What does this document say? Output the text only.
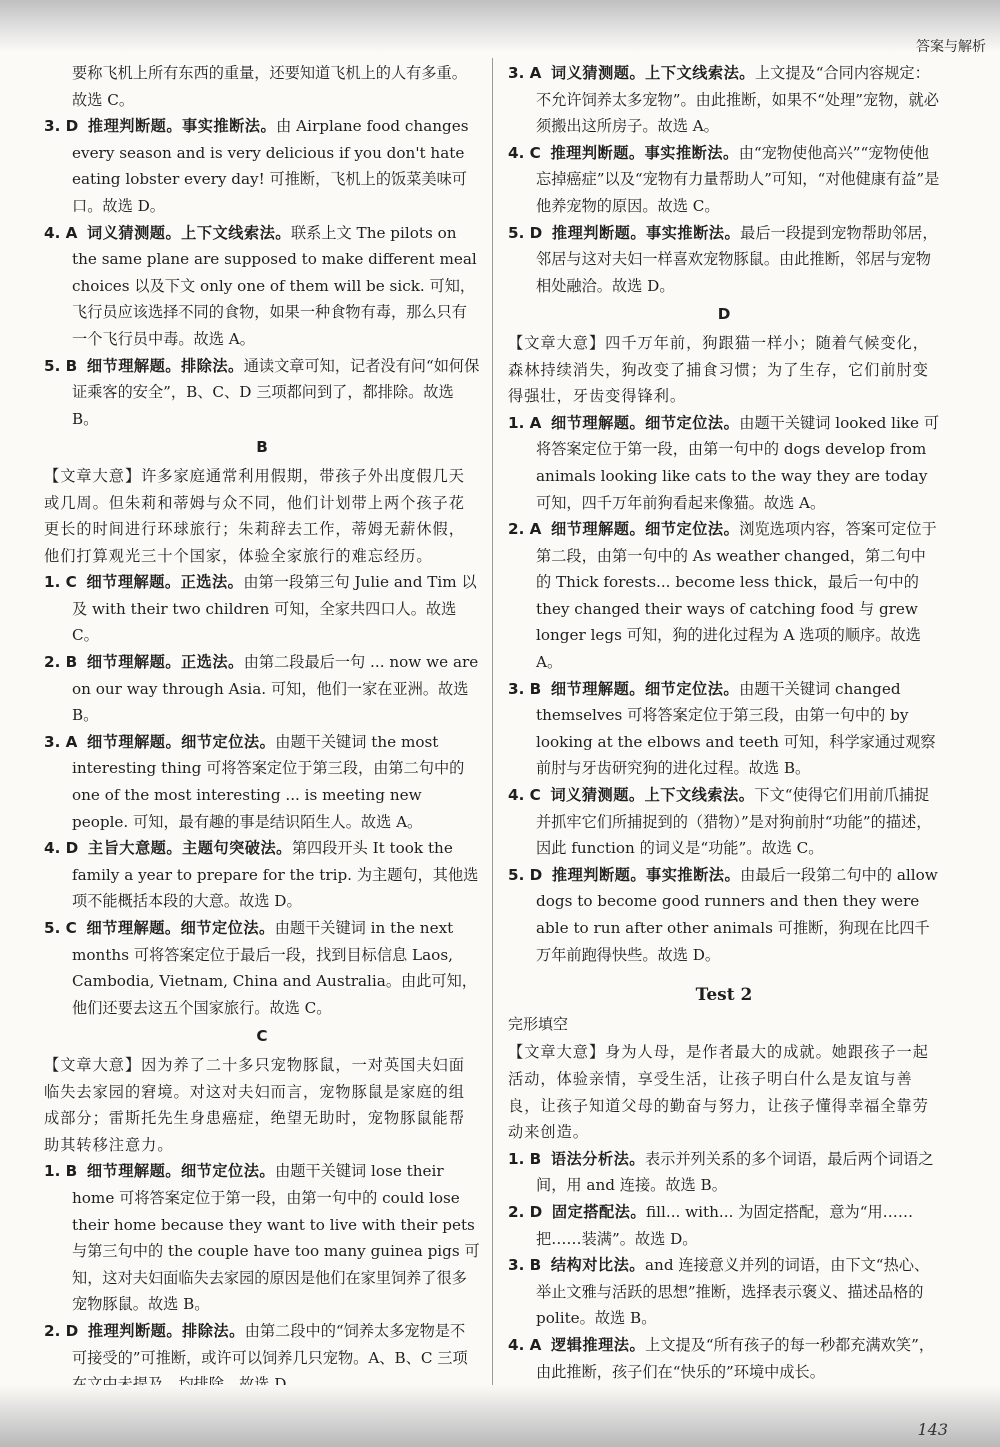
答案与解析
要称飞机上所有东西的重量，还要知道飞机上的人有多重。故选 C。
3. D 推理判断题。事实推断法。由 Airplane food changes every season and is very delicious if you don't hate eating lobster every day! 可推断，飞机上的饭菜美味可口。故选 D。
4. A 词义猜测题。上下文线索法。联系上文 The pilots on the same plane are supposed to make different meal choices 以及下文 only one of them will be sick. 可知，飞行员应该选择不同的食物，如果一种食物有毒，那么只有一个飞行员中毒。故选 A。
5. B 细节理解题。排除法。通读文章可知，记者没有问“如何保证乘客的安全”，B、C、D 三项都问到了，都排除。故选 B。
B
【文章大意】许多家庭通常利用假期，带孩子外出度假几天或几周。但朱莉和蒂姆与众不同，他们计划带上两个孩子花更长的时间进行环球旅行；朱莉辞去工作，蒂姆无薪休假，他们打算观光三十个国家，体验全家旅行的难忘经历。
1. C 细节理解题。正选法。由第一段第三句 Julie and Tim 以及 with their two children 可知，全家共四口人。故选 C。
2. B 细节理解题。正选法。由第二段最后一句 ... now we are on our way through Asia. 可知，他们一家在亚洲。故选 B。
3. A 细节理解题。细节定位法。由题干关键词 the most interesting thing 可将答案定位于第三段，由第二句中的 one of the most interesting ... is meeting new people. 可知，最有趣的事是结识陌生人。故选 A。
4. D 主旨大意题。主题句突破法。第四段开头 It took the family a year to prepare for the trip. 为主题句，其他选项不能概括本段的大意。故选 D。
5. C 细节理解题。细节定位法。由题干关键词 in the next months 可将答案定位于最后一段，找到目标信息 Laos, Cambodia, Vietnam, China and Australia。由此可知，他们还要去这五个国家旅行。故选 C。
C
【文章大意】因为养了二十多只宠物豚鼠，一对英国夫妇面临失去家园的窘境。对这对夫妇而言，宠物豚鼠是家庭的组成部分；雷斯托先生身患癌症，绝望无助时，宠物豚鼠能帮助其转移注意力。
1. B 细节理解题。细节定位法。由题干关键词 lose their home 可将答案定位于第一段，由第一句中的 could lose their home because they want to live with their pets 与第三句中的 the couple have too many guinea pigs 可知，这对夫妇面临失去家园的原因是他们在家里饲养了很多宠物豚鼠。故选 B。
2. D 推理判断题。排除法。由第二段中的“饲养太多宠物是不可接受的”可推断，或许可以饲养几只宠物。A、B、C 三项
3. A 词义猜测题。上下文线索法。上文提及“合同内容规定：不允许饲养太多宠物”。由此推断，如果不“处理”宠物，就必须搬出这所房子。故选 A。
4. C 推理判断题。事实推断法。由“宠物使他高兴”“宠物使他忘掉癌症”以及“宠物有力量帮助人”可知，“对他健康有益”是他养宠物的原因。故选 C。
5. D 推理判断题。事实推断法。最后一段提到宠物帮助邻居，邻居与这对夫妇一样喜欢宠物豚鼠。由此推断，邻居与宠物相处融洽。故选 D。
D
【文章大意】四千万年前，狗跟猫一样小；随着气候变化，森林持续消失，狗改变了捕食习惯；为了生存，它们前肘变得强壮，牙齿变得锋利。
1. A 细节理解题。细节定位法。由题干关键词 looked like 可将答案定位于第一段，由第一句中的 dogs develop from animals looking like cats to the way they are today 可知，四千万年前狗看起来像猫。故选 A。
2. A 细节理解题。细节定位法。浏览选项内容，答案可定位于第二段，由第一句中的 As weather changed，第二句中的 Thick forests... become less thick，最后一句中的 they changed their ways of catching food 与 grew longer legs 可知，狗的进化过程为 A 选项的顺序。故选 A。
3. B 细节理解题。细节定位法。由题干关键词 changed themselves 可将答案定位于第三段，由第一句中的 by looking at the elbows and teeth 可知，科学家通过观察前肘与牙齿研究狗的进化过程。故选 B。
4. C 词义猜测题。上下文线索法。下文“使得它们用前爪捕捉并抓牢它们所捕捉到的（猎物）”是对狗前肘“功能”的描述，因此 function 的词义是“功能”。故选 C。
5. D 推理判断题。事实推断法。由最后一段第二句中的 allow dogs to become good runners and then they were able to run after other animals 可推断，狗现在比四千万年前跑得快些。故选 D。
Test 2
完形填空
【文章大意】身为人母，是作者最大的成就。她跟孩子一起活动，体验亲情，享受生活，让孩子明白什么是友谊与善良，让孩子知道父母的勤奋与努力，让孩子懂得幸福全靠劳动来创造。
1. B 语法分析法。表示并列关系的多个词语，最后两个词语之间，用 and 连接。故选 B。
2. D 固定搭配法。fill... with... 为固定搭配，意为“用……把……装满”。故选 D。
3. B 结构对比法。and 连接意义并列的词语，由下文“热心、举止文雅与活跃的思想”推断，选择表示褒义、描述品格的 polite。故选 B。
4. A 逻辑推理法。上文提及“所有孩子的每一秒都充满欢笑”，由此推断，孩子们在“快乐的”环境中成长。
143
